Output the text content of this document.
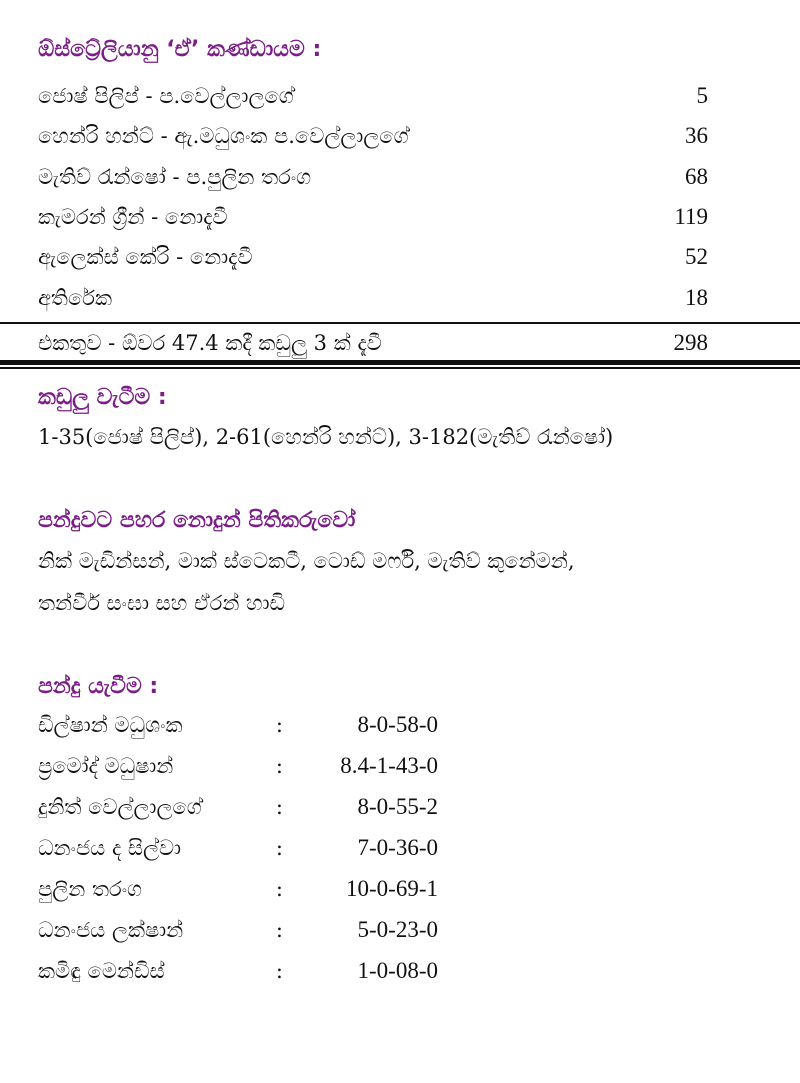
ඕස්ට්‍රේලියානු ‘ඒ’ කණ්ඩායම :
ජොෂ් පිලිප් - ප.වෙල්ලාලගේ	5
හෙන්රි හන්ට් - ඇ.මධුශංක ප.වෙල්ලාලගේ	36
මැතිව් රැන්ෂෝ - ප.පුලින තරංග	68
කැමරන් ග්‍රීන් - නොදැවී	119
ඇලෙක්ස් කේරි - නොදැවී	52
අතිරේක	18
එකතුව - ඕවර 47.4 කදී කඩුලු 3 ක් දැවී	298
කඩුලු වැටීම :
1-35(ජොෂ් පිලිප්), 2-61(හෙන්රි හන්ට්), 3-182(මැතිව් රැන්ෂෝ)
පන්දුවට පහර නොදුන් පිතිකරුවෝ
නික් මැඩින්සන්, මාක් ස්ටෙකටී, ටොඩ් මර්ෆි, මැතිව් කුනේමන්,
තන්වීර් සංඝා සහ ඒරන් හාඩි
පන්දු යැවීම :
ඩිල්ෂාන් මධුශංක	:	8-0-58-0
ප්‍රමෝද් මධුෂාන්	:	8.4-1-43-0
දුනිත් වෙල්ලාලගේ	:	8-0-55-2
ධනංජය ද සිල්වා	:	7-0-36-0
පුලින තරංග	:	10-0-69-1
ධනංජය ලක්ෂාන්	:	5-0-23-0
කමිඳු මෙන්ඩිස්	:	1-0-08-0
